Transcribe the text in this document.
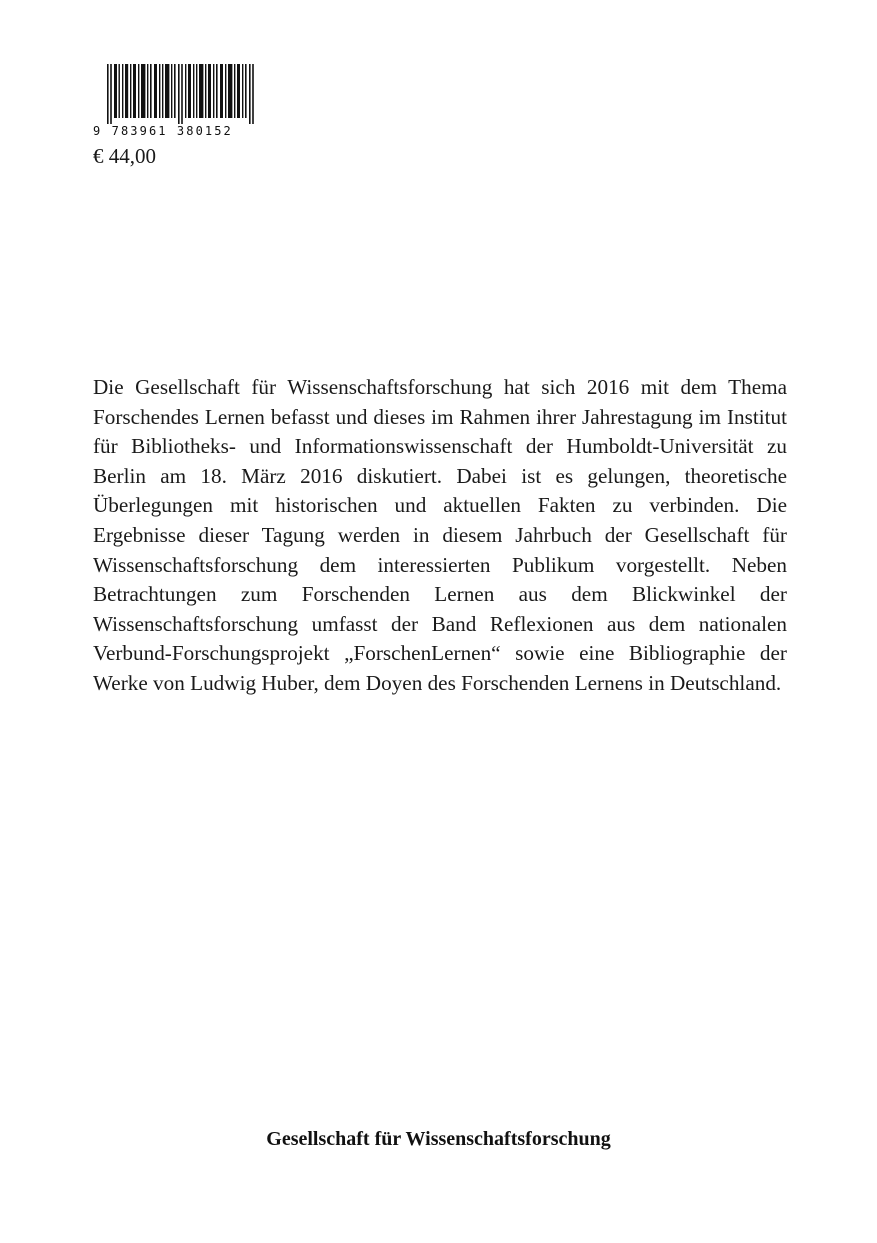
9 783961 380152
€ 44,00

Die Gesellschaft für Wissenschaftsforschung hat sich 2016 mit dem Thema Forschendes Lernen befasst und dieses im Rahmen ihrer Jahrestagung im Institut für Bibliotheks- und Informationswissenschaft der Humboldt-Universität zu Berlin am 18. März 2016 diskutiert. Dabei ist es gelungen, theoretische Überlegungen mit historischen und aktuellen Fakten zu verbinden. Die Ergebnisse dieser Tagung werden in diesem Jahrbuch der Gesellschaft für Wissenschaftsforschung dem interessierten Publikum vorgestellt. Neben Betrachtungen zum Forschenden Lernen aus dem Blickwinkel der Wissenschaftsforschung umfasst der Band Reflexionen aus dem nationalen Verbund-Forschungsprojekt „ForschenLernen“ sowie eine Bibliographie der Werke von Ludwig Huber, dem Doyen des Forschenden Lernens in Deutschland.

Gesellschaft für Wissenschaftsforschung
